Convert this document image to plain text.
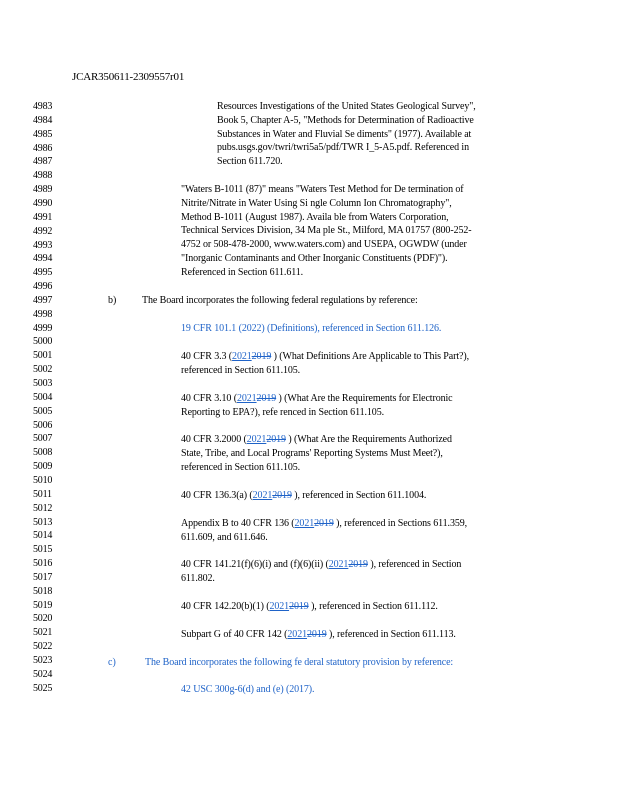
JCAR350611-2309557r01
4983
4984
4985
4986
4987
4988
4989
4990
4991
4992
4993
4994
4995
4996
4997
4998
4999
5000
5001
5002
5003
5004
5005
5006
5007
5008
5009
5010
5011
5012
5013
5014
5015
5016
5017
5018
5019
5020
5021
5022
5023
5024
5025
Resources Investigations of the United States Geological Survey",
Book 5, Chapter A-5, "Methods for Determination of Radioactive
Substances in Water and Fluvial Se diments" (1977). Available at
pubs.usgs.gov/twri/twri5a5/pdf/TWR I_5-A5.pdf. Referenced in
Section 611.720.
"Waters B-1011 (87)" means "Waters Test Method for De termination of
Nitrite/Nitrate in Water Using Si ngle Column Ion Chromatography",
Method B-1011 (August 1987). Availa ble from Waters Corporation,
Technical Services Division, 34 Ma ple St., Milford, MA 01757 (800-252-
4752 or 508-478-2000, www.waters.com) and USEPA, OGWDW (under
"Inorganic Contaminants and Other Inorganic Constituents (PDF)").
Referenced in Section 611.611.
b)	The Board incorporates the following federal regulations by reference:
19 CFR 101.1 (2022) (Definitions), referenced in Section 611.126.
40 CFR 3.3 (20212019 ) (What Definitions Are Applicable to This Part?),
referenced in Section 611.105.
40 CFR 3.10 (20212019 ) (What Are the Requirements for Electronic
Reporting to EPA?), refe renced in Section 611.105.
40 CFR 3.2000 (20212019 ) (What Are the Requirements Authorized
State, Tribe, and Local Programs' Reporting Systems Must Meet?),
referenced in Section 611.105.
40 CFR 136.3(a) (20212019 ), referenced in Section 611.1004.
Appendix B to 40 CFR 136 (20212019 ), referenced in Sections 611.359,
611.609, and 611.646.
40 CFR 141.21(f)(6)(i) and (f)(6)(ii) (20212019 ), referenced in Section
611.802.
40 CFR 142.20(b)(1) (20212019 ), referenced in Section 611.112.
Subpart G of 40 CFR 142 (20212019 ), referenced in Section 611.113.
c)	The Board incorporates the following fe deral statutory provision by reference:
42 USC 300g-6(d) and (e) (2017).
